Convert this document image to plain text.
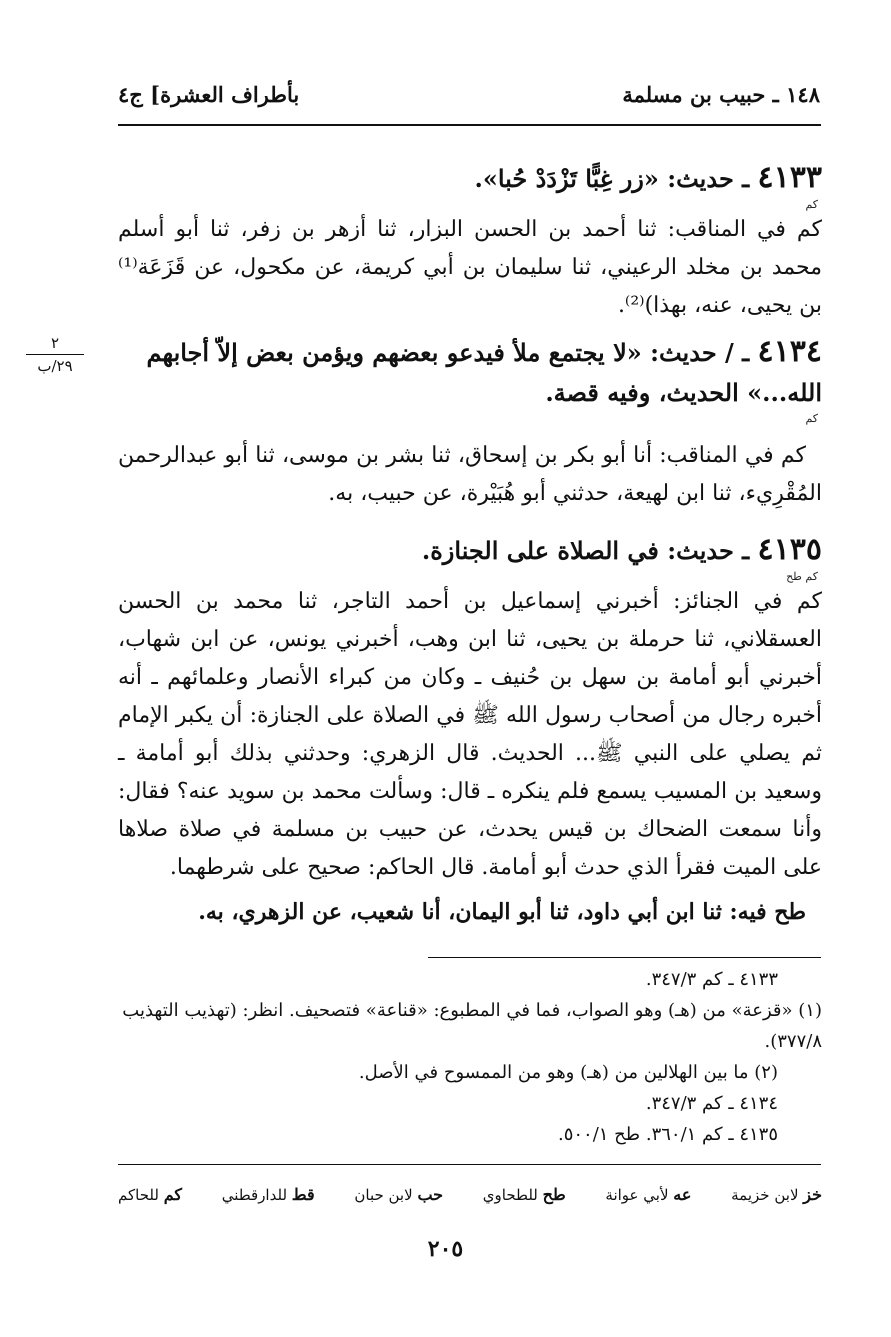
بأطراف العشرة] ج٤	١٤٨ ـ حبيب بن مسلمة
٢
٢٩/ب
٤١٣٣ ـ حديث: «زر غِبًّا تَزْدَدْ حُبا».
كم
كم في المناقب: ثنا أحمد بن الحسن البزار، ثنا أزهر بن زفر، ثنا أبو أسلم محمد بن مخلد الرعيني، ثنا سليمان بن أبي كريمة، عن مكحول، عن قَزَعَة⁽¹⁾ بن يحيى، عنه، بهذا)⁽²⁾.
٤١٣٤ ـ / حديث: «لا يجتمع ملأ فيدعو بعضهم ويؤمن بعض إلاّ أجابهم الله...» الحديث، وفيه قصة.
كم
كم في المناقب: أنا أبو بكر بن إسحاق، ثنا بشر بن موسى، ثنا أبو عبدالرحمن المُقْرِيء، ثنا ابن لهيعة، حدثني أبو هُبَيْرة، عن حبيب، به.
٤١٣٥ ـ حديث: في الصلاة على الجنازة.
كم طح
كم في الجنائز: أخبرني إسماعيل بن أحمد التاجر، ثنا محمد بن الحسن العسقلاني، ثنا حرملة بن يحيى، ثنا ابن وهب، أخبرني يونس، عن ابن شهاب، أخبرني أبو أمامة بن سهل بن حُنيف ـ وكان من كبراء الأنصار وعلمائهم ـ أنه أخبره رجال من أصحاب رسول الله ﷺ في الصلاة على الجنازة: أن يكبر الإمام ثم يصلي على النبي ﷺ... الحديث. قال الزهري: وحدثني بذلك أبو أمامة ـ وسعيد بن المسيب يسمع فلم ينكره ـ قال: وسألت محمد بن سويد عنه؟ فقال: وأنا سمعت الضحاك بن قيس يحدث، عن حبيب بن مسلمة في صلاة صلاها على الميت فقرأ الذي حدث أبو أمامة. قال الحاكم: صحيح على شرطهما.
طح فيه: ثنا ابن أبي داود، ثنا أبو اليمان، أنا شعيب، عن الزهري، به.
٤١٣٣ ـ كم ٣٤٧/٣.
(١) «قزعة» من (هـ) وهو الصواب، فما في المطبوع: «قناعة» فتصحيف. انظر: (تهذيب التهذيب ٣٧٧/٨).
(٢) ما بين الهلالين من (هـ) وهو من الممسوح في الأصل.
٤١٣٤ ـ كم ٣٤٧/٣.
٤١٣٥ ـ كم ٣٦٠/١. طح ٥٠٠/١.
خز لابن خزيمة
عه لأبي عوانة
طح للطحاوي
حب لابن حبان
قط للدارقطني
كم للحاكم
٢٠٥
